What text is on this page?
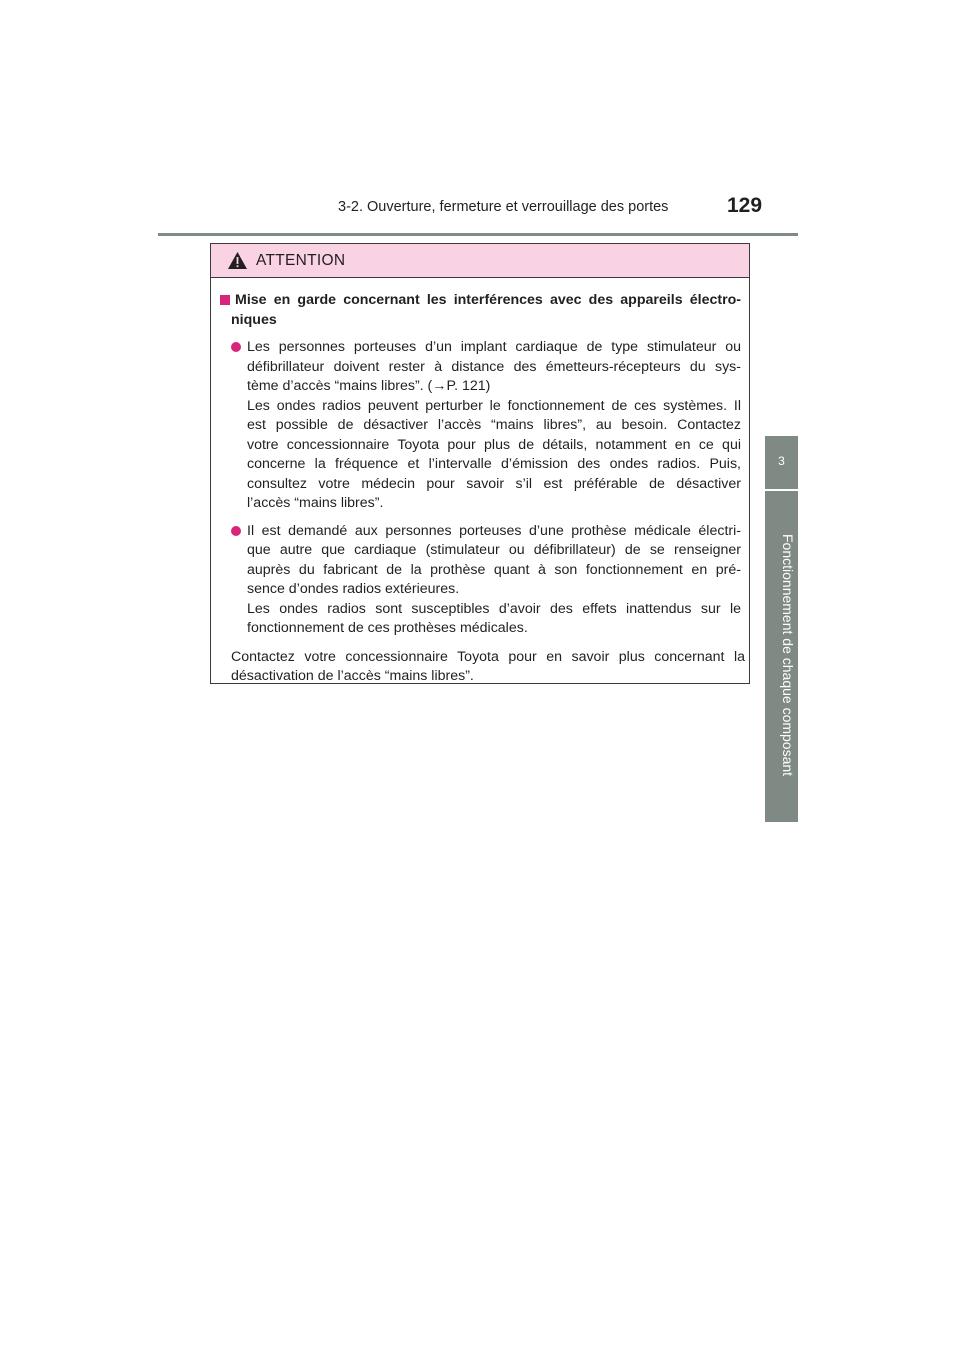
3-2. Ouverture, fermeture et verrouillage des portes	129
3
Fonctionnement de chaque composant
ATTENTION
Mise en garde concernant les interférences avec des appareils électro-
niques
Les personnes porteuses d’un implant cardiaque de type stimulateur ou
défibrillateur doivent rester à distance des émetteurs-récepteurs du sys-
tème d’accès “mains libres”. (→P. 121)
Les ondes radios peuvent perturber le fonctionnement de ces systèmes. Il
est possible de désactiver l’accès “mains libres”, au besoin. Contactez
votre concessionnaire Toyota pour plus de détails, notamment en ce qui
concerne la fréquence et l’intervalle d’émission des ondes radios. Puis,
consultez votre médecin pour savoir s’il est préférable de désactiver
l’accès “mains libres”.
Il est demandé aux personnes porteuses d’une prothèse médicale électri-
que autre que cardiaque (stimulateur ou défibrillateur) de se renseigner
auprès du fabricant de la prothèse quant à son fonctionnement en pré-
sence d’ondes radios extérieures.
Les ondes radios sont susceptibles d’avoir des effets inattendus sur le
fonctionnement de ces prothèses médicales.
Contactez votre concessionnaire Toyota pour en savoir plus concernant la
désactivation de l’accès “mains libres”.
